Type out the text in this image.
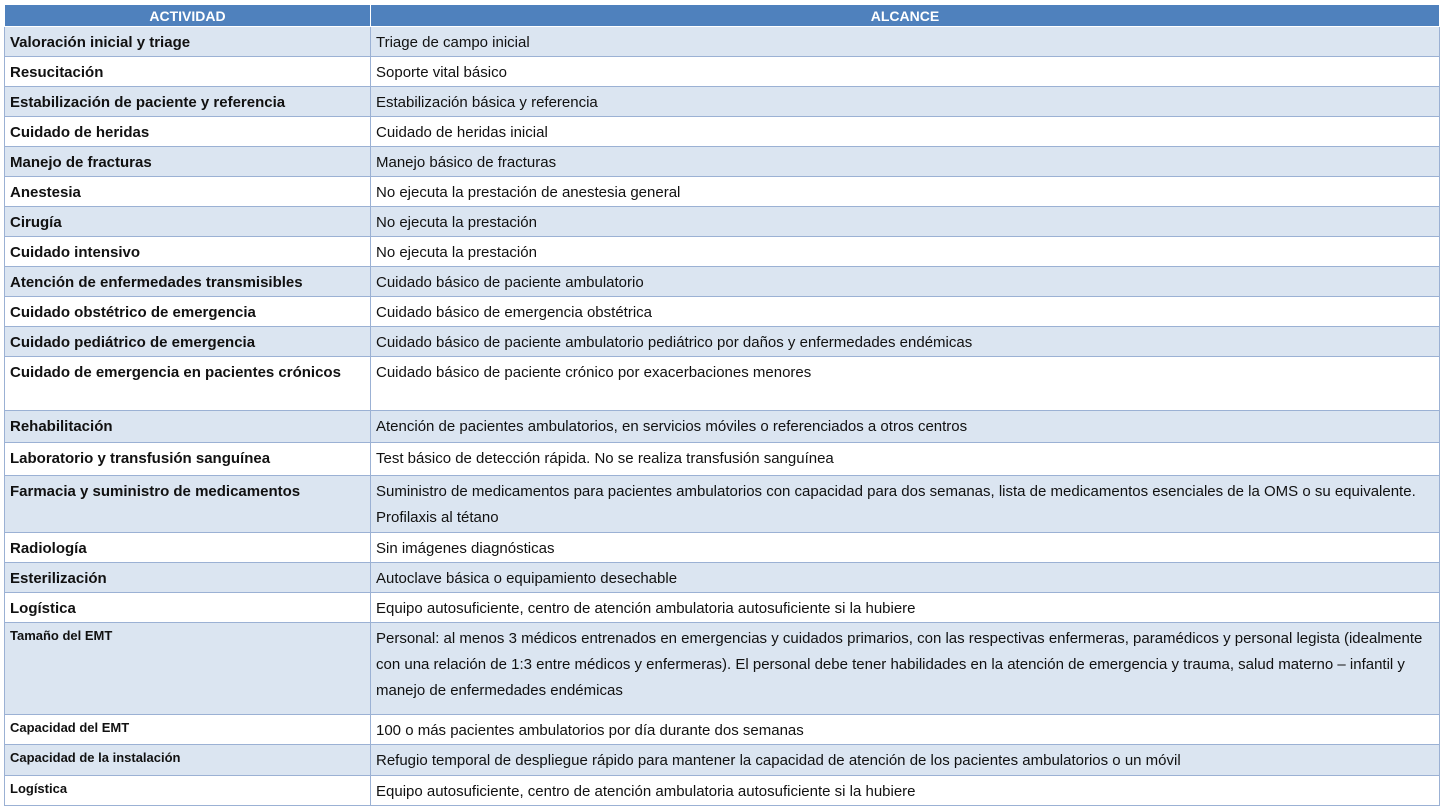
ACTIVIDAD	ALCANCE
Valoración inicial y triage	Triage de campo inicial
Resucitación	Soporte vital básico
Estabilización de paciente y referencia	Estabilización básica y referencia
Cuidado de heridas	Cuidado de heridas inicial
Manejo de fracturas	Manejo básico de fracturas
Anestesia	No ejecuta la prestación de anestesia general
Cirugía	No ejecuta la prestación
Cuidado intensivo	No ejecuta la prestación
Atención de enfermedades transmisibles	Cuidado básico de paciente ambulatorio
Cuidado obstétrico de emergencia	Cuidado básico de emergencia obstétrica
Cuidado pediátrico de emergencia	Cuidado básico de paciente ambulatorio pediátrico por daños y enfermedades endémicas
Cuidado de emergencia en pacientes crónicos	Cuidado básico de paciente crónico por exacerbaciones menores
Rehabilitación	Atención de pacientes ambulatorios, en servicios móviles o referenciados a otros centros
Laboratorio y transfusión sanguínea	Test básico de detección rápida. No se realiza transfusión sanguínea
Farmacia y suministro de medicamentos	Suministro de medicamentos para pacientes ambulatorios con capacidad para dos semanas, lista de medicamentos esenciales de la OMS o su equivalente. Profilaxis al tétano
Radiología	Sin imágenes diagnósticas
Esterilización	Autoclave básica o equipamiento desechable
Logística	Equipo autosuficiente, centro de atención ambulatoria autosuficiente si la hubiere
Tamaño del EMT	Personal: al menos 3 médicos entrenados en emergencias y cuidados primarios, con las respectivas enfermeras, paramédicos y personal legista (idealmente con una relación de 1:3 entre médicos y enfermeras). El personal debe tener habilidades en la atención de emergencia y trauma, salud materno – infantil y manejo de enfermedades endémicas
Capacidad del EMT	100 o más pacientes ambulatorios por día durante dos semanas
Capacidad de la instalación	Refugio temporal de despliegue rápido para mantener la capacidad de atención de los pacientes ambulatorios o un móvil
Logística	Equipo autosuficiente, centro de atención ambulatoria autosuficiente si la hubiere
